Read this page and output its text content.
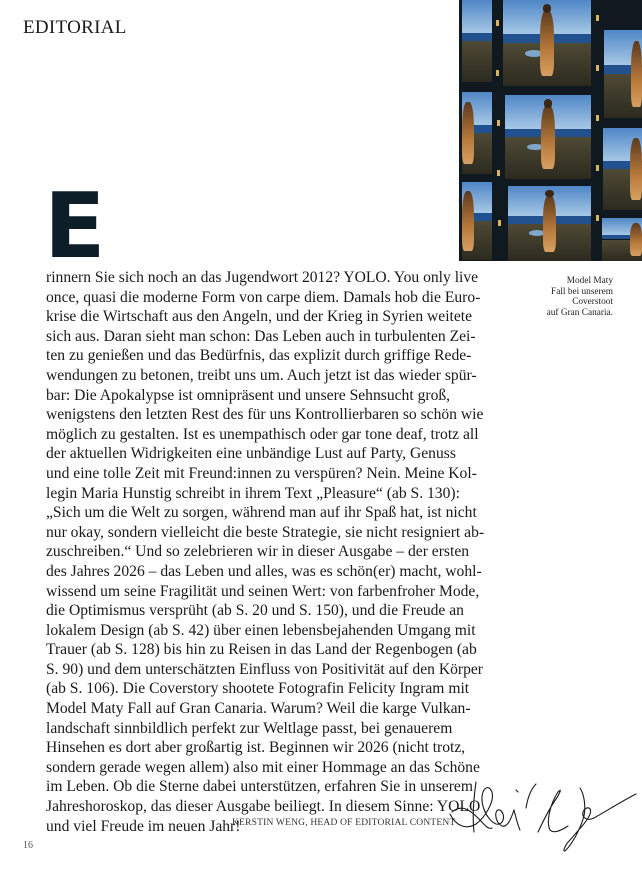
EDITORIAL
Model Maty
Fall bei unserem
Coverstoot
auf Gran Canaria.
E
rinnern Sie sich noch an das Jugendwort 2012? YOLO. You only live
once, quasi die moderne Form von carpe diem. Damals hob die Euro-
krise die Wirtschaft aus den Angeln, und der Krieg in Syrien weitete
sich aus. Daran sieht man schon: Das Leben auch in turbulenten Zei-
ten zu genießen und das Bedürfnis, das explizit durch griffige Rede-
wendungen zu betonen, treibt uns um. Auch jetzt ist das wieder spür-
bar: Die Apokalypse ist omnipräsent und unsere Sehnsucht groß,
wenigstens den letzten Rest des für uns Kontrollierbaren so schön wie
möglich zu gestalten. Ist es unempathisch oder gar tone deaf, trotz all
der aktuellen Widrigkeiten eine unbändige Lust auf Party, Genuss
und eine tolle Zeit mit Freund:innen zu verspüren? Nein. Meine Kol-
legin Maria Hunstig schreibt in ihrem Text „Pleasure“ (ab S. 130):
„Sich um die Welt zu sorgen, während man auf ihr Spaß hat, ist nicht
nur okay, sondern vielleicht die beste Strategie, sie nicht resigniert ab-
zuschreiben.“ Und so zelebrieren wir in dieser Ausgabe – der ersten
des Jahres 2026 – das Leben und alles, was es schön(er) macht, wohl-
wissend um seine Fragilität und seinen Wert: von farbenfroher Mode,
die Optimismus versprüht (ab S. 20 und S. 150), und die Freude an
lokalem Design (ab S. 42) über einen lebensbejahenden Umgang mit
Trauer (ab S. 128) bis hin zu Reisen in das Land der Regenbogen (ab
S. 90) und dem unterschätzten Einfluss von Positivität auf den Körper
(ab S. 106). Die Coverstory shootete Fotografin Felicity Ingram mit
Model Maty Fall auf Gran Canaria. Warum? Weil die karge Vulkan-
landschaft sinnbildlich perfekt zur Weltlage passt, bei genauerem
Hinsehen es dort aber großartig ist. Beginnen wir 2026 (nicht trotz,
sondern gerade wegen allem) also mit einer Hommage an das Schöne
im Leben. Ob die Sterne dabei unterstützen, erfahren Sie in unserem
Jahreshoroskop, das dieser Ausgabe beiliegt. In diesem Sinne: YOLO
und viel Freude im neuen Jahr!
KERSTIN WENG, HEAD OF EDITORIAL CONTENT
16
